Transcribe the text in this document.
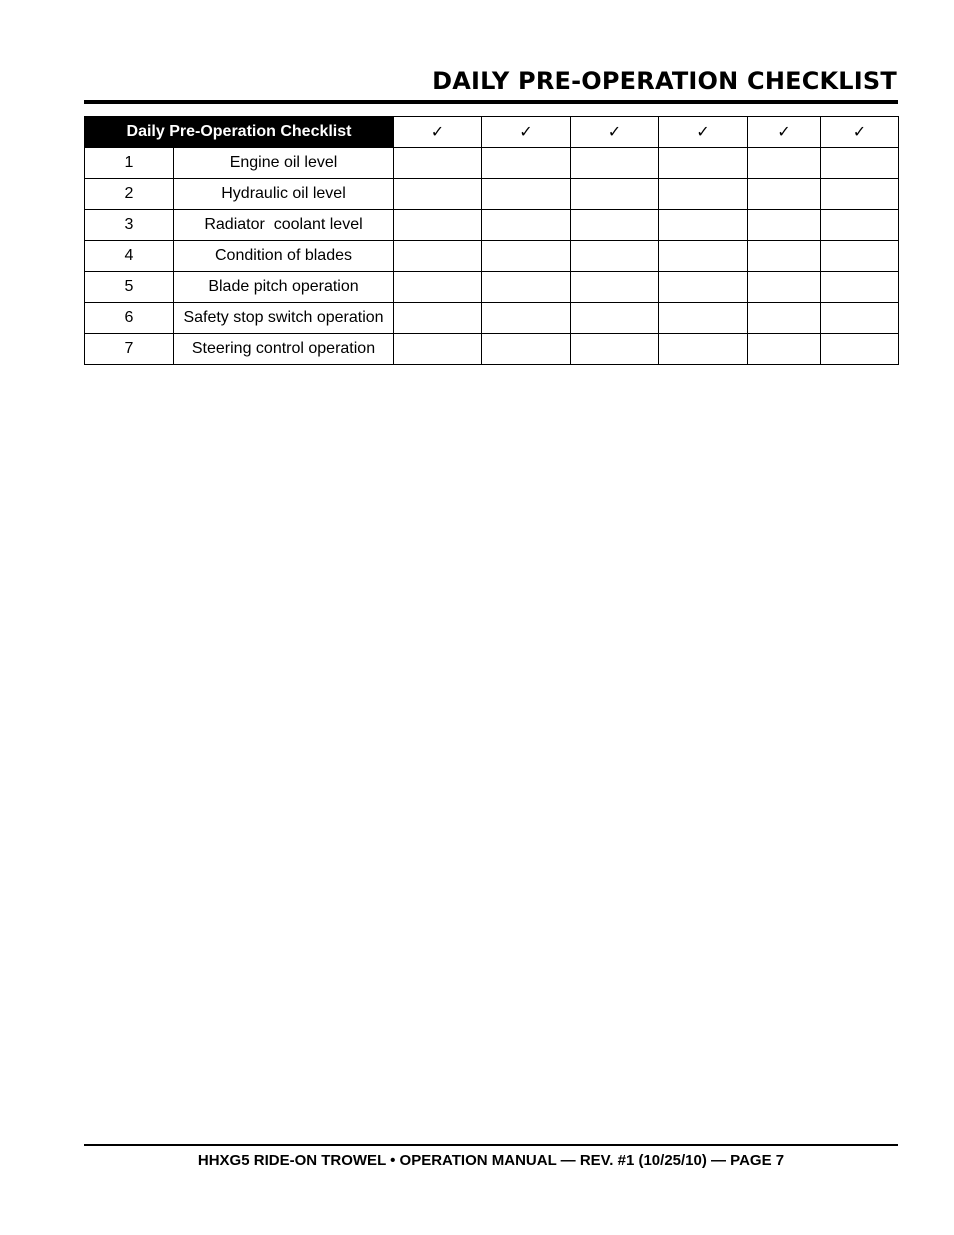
DAILY PRE-OPERATION CHECKLIST
Daily Pre-Operation Checklist		✓	✓	✓	✓	✓	✓
1	Engine oil level						
2	Hydraulic oil level						
3	Radiator  coolant level						
4	Condition of blades						
5	Blade pitch operation						
6	Safety stop switch operation						
7	Steering control operation						
HHXG5 RIDE-ON TROWEL • OPERATION MANUAL — REV. #1 (10/25/10) — PAGE 7
